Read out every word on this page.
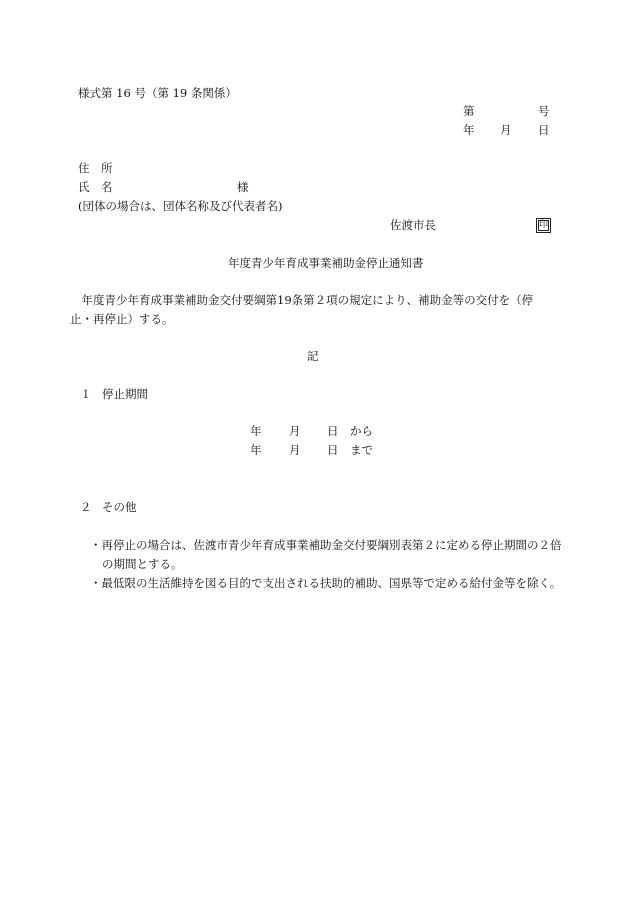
様式第 16 号（第 19 条関係）
第	号
年 月 日
住　所
氏　名	様
(団体の場合は、団体名称及び代表者名)
佐渡市長	印
年度青少年育成事業補助金停止通知書
　年度青少年育成事業補助金交付要綱第19条第２項の規定により、補助金等の交付を（停止・再停止）する。
記
１ 停止期間
年 月 日 から
年 月 日 まで
２ その他
・再停止の場合は、佐渡市青少年育成事業補助金交付要綱別表第２に定める停止期間の２倍の期間とする。
・最低限の生活維持を図る目的で支出される扶助的補助、国県等で定める給付金等を除く。
